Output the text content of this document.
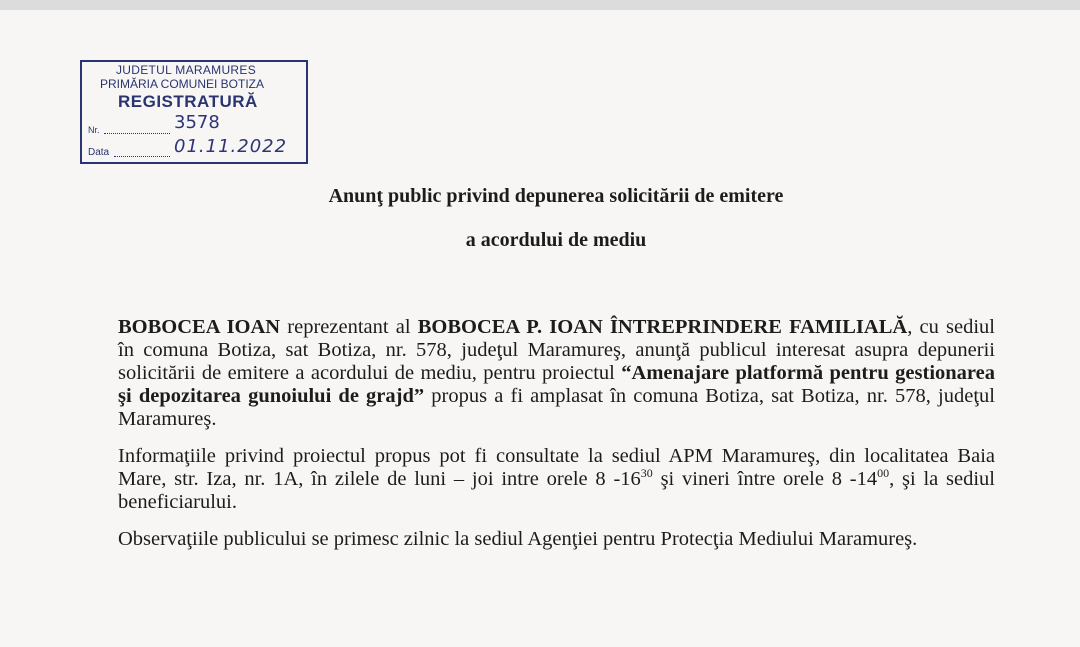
JUDETUL MARAMURES
PRIMĂRIA COMUNEI BOTIZA
REGISTRATURĂ
3578
Nr.
01.11.2022
Data
Anunţ public privind depunerea solicitării de emitere
a acordului de mediu
BOBOCEA IOAN reprezentant al BOBOCEA P. IOAN ÎNTREPRINDERE FAMILIALĂ, cu sediul în comuna Botiza, sat Botiza, nr. 578, judeţul Maramureş, anunţă publicul interesat asupra depunerii solicitării de emitere a acordului de mediu, pentru proiectul “Amenajare platformă pentru gestionarea şi depozitarea gunoiului de grajd” propus a fi amplasat în comuna Botiza, sat Botiza, nr. 578, judeţul Maramureş.
Informaţiile privind proiectul propus pot fi consultate la sediul APM Maramureş, din localitatea Baia Mare, str. Iza, nr. 1A, în zilele de luni – joi intre orele 8 $-16^{30}$ şi vineri între orele 8 $-14^{00}$, şi la sediul beneficiarului.
Observaţiile publicului se primesc zilnic la sediul Agenţiei pentru Protecţia Mediului Maramureş.
